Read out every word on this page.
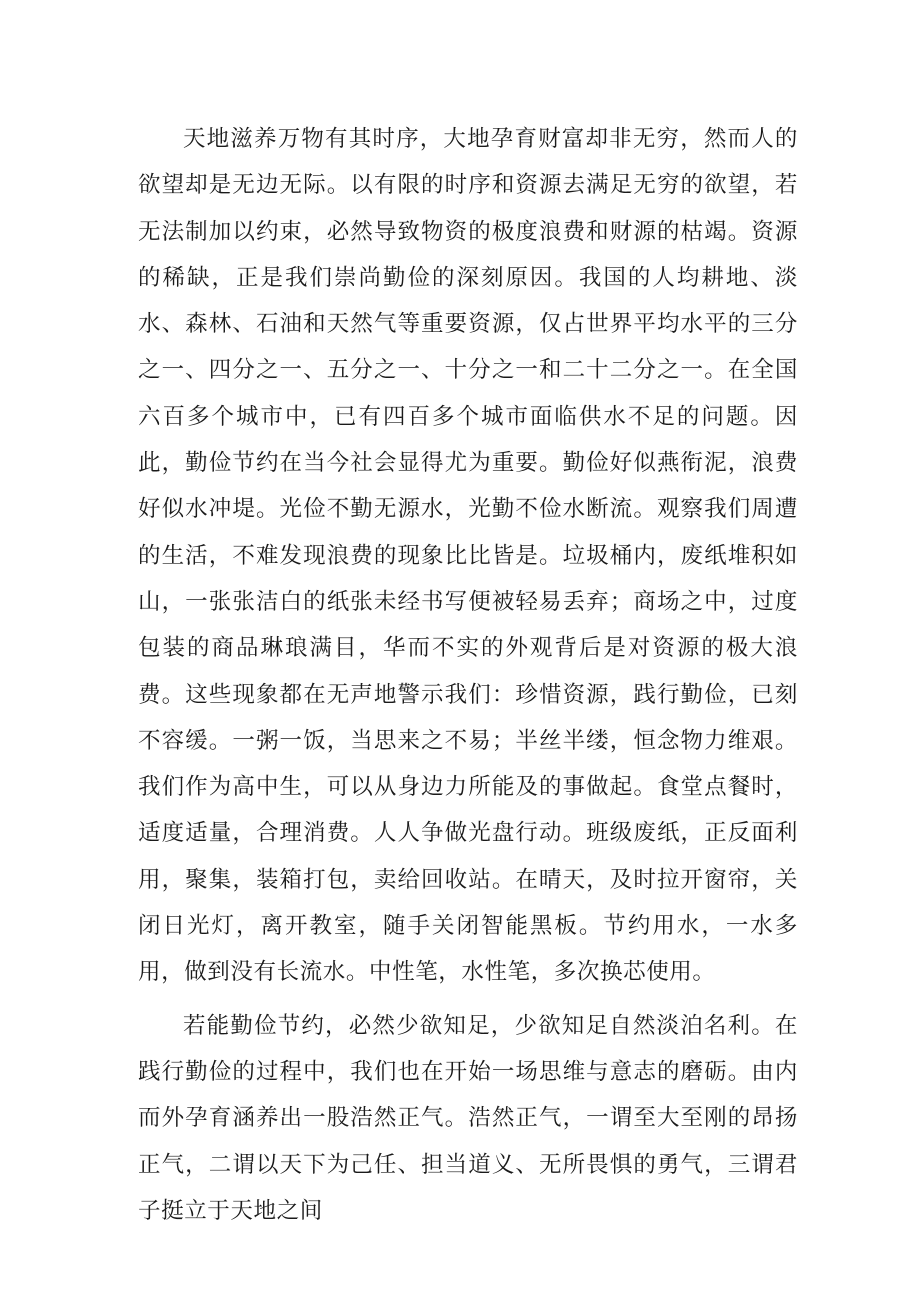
天地滋养万物有其时序，大地孕育财富却非无穷，然而人的欲望却是无边无际。以有限的时序和资源去满足无穷的欲望，若无法制加以约束，必然导致物资的极度浪费和财源的枯竭。资源的稀缺，正是我们崇尚勤俭的深刻原因。我国的人均耕地、淡水、森林、石油和天然气等重要资源，仅占世界平均水平的三分之一、四分之一、五分之一、十分之一和二十二分之一。在全国六百多个城市中，已有四百多个城市面临供水不足的问题。因此，勤俭节约在当今社会显得尤为重要。勤俭好似燕衔泥，浪费好似水冲堤。光俭不勤无源水，光勤不俭水断流。观察我们周遭的生活，不难发现浪费的现象比比皆是。垃圾桶内，废纸堆积如山，一张张洁白的纸张未经书写便被轻易丢弃；商场之中，过度包装的商品琳琅满目，华而不实的外观背后是对资源的极大浪费。这些现象都在无声地警示我们：珍惜资源，践行勤俭，已刻不容缓。一粥一饭，当思来之不易；半丝半缕，恒念物力维艰。我们作为高中生，可以从身边力所能及的事做起。食堂点餐时，适度适量，合理消费。人人争做光盘行动。班级废纸，正反面利用，聚集，装箱打包，卖给回收站。在晴天，及时拉开窗帘，关闭日光灯，离开教室，随手关闭智能黑板。节约用水，一水多用，做到没有长流水。中性笔，水性笔，多次换芯使用。

若能勤俭节约，必然少欲知足，少欲知足自然淡泊名利。在践行勤俭的过程中，我们也在开始一场思维与意志的磨砺。由内而外孕育涵养出一股浩然正气。浩然正气，一谓至大至刚的昂扬正气，二谓以天下为己任、担当道义、无所畏惧的勇气，三谓君子挺立于天地之间
